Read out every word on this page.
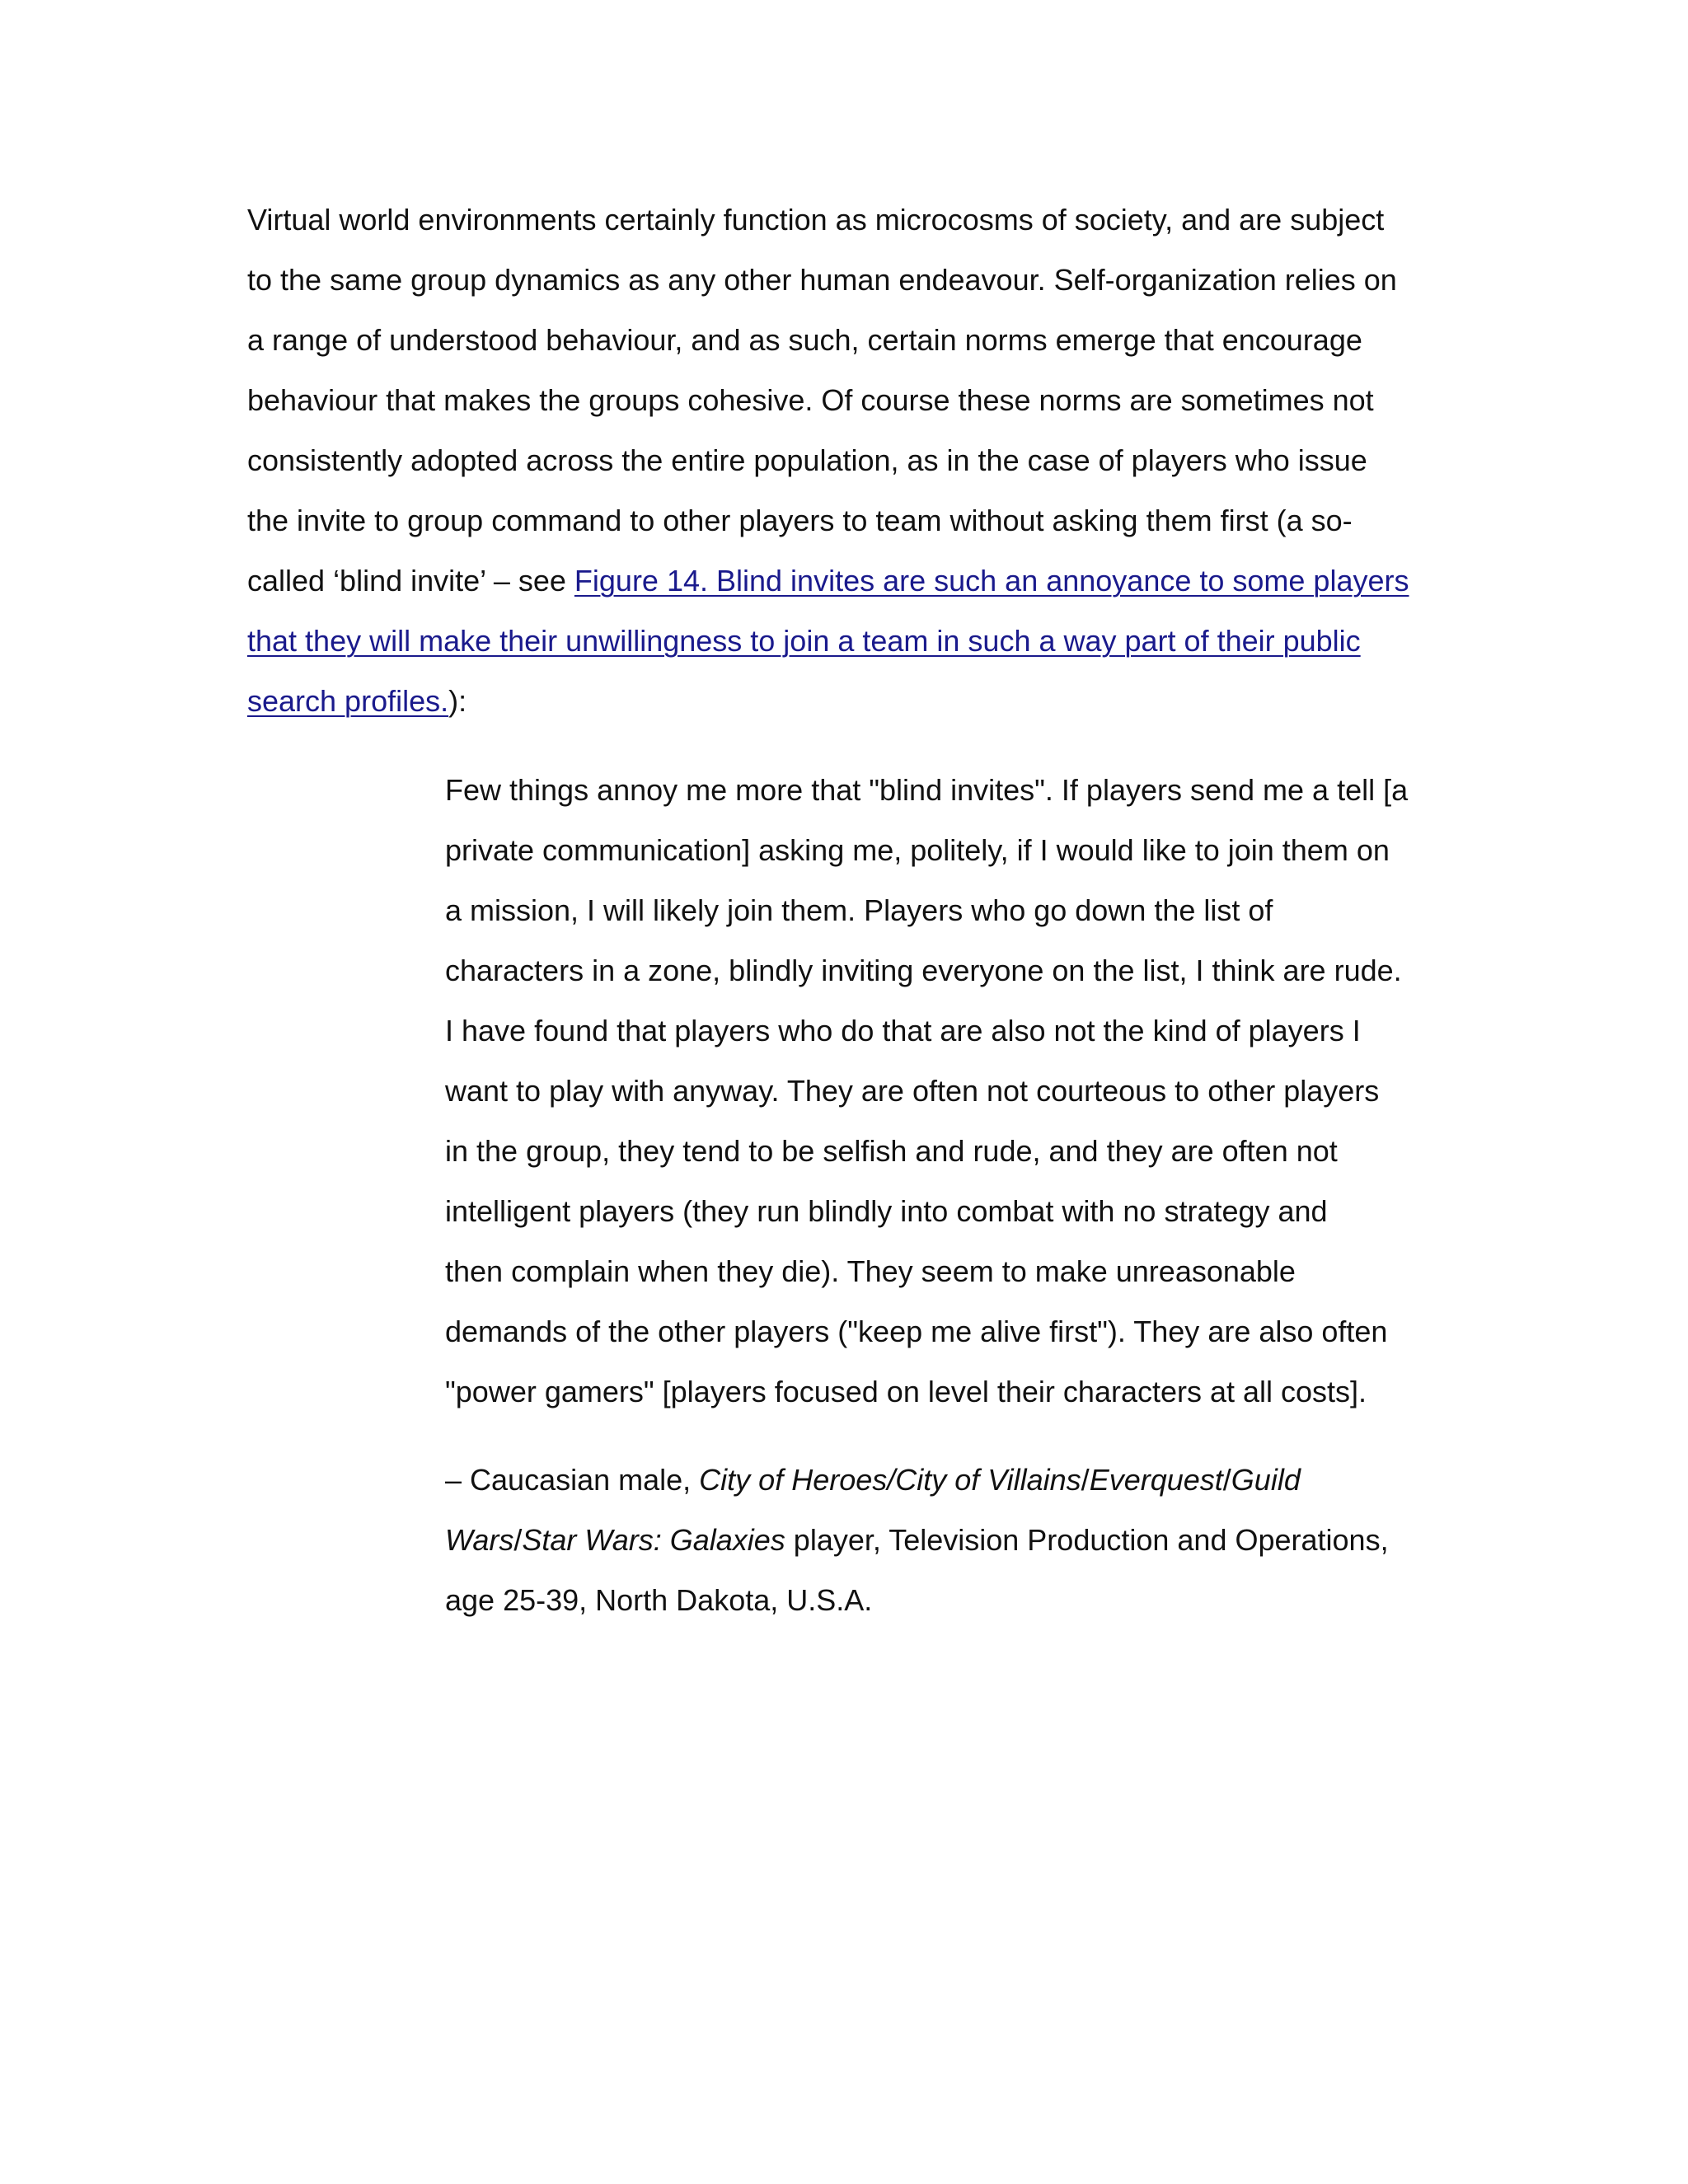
Virtual world environments certainly function as microcosms of society, and are subject
to the same group dynamics as any other human endeavour. Self-organization relies on
a range of understood behaviour, and as such, certain norms emerge that encourage
behaviour that makes the groups cohesive. Of course these norms are sometimes not
consistently adopted across the entire population, as in the case of players who issue
the invite to group command to other players to team without asking them first (a so-
called ‘blind invite’ – see Figure 14. Blind invites are such an annoyance to some players
that they will make their unwillingness to join a team in such a way part of their public
search profiles.):

Few things annoy me more that "blind invites". If players send me a tell [a
private communication] asking me, politely, if I would like to join them on
a mission, I will likely join them. Players who go down the list of
characters in a zone, blindly inviting everyone on the list, I think are rude.
I have found that players who do that are also not the kind of players I
want to play with anyway. They are often not courteous to other players
in the group, they tend to be selfish and rude, and they are often not
intelligent players (they run blindly into combat with no strategy and
then complain when they die). They seem to make unreasonable
demands of the other players ("keep me alive first"). They are also often
"power gamers" [players focused on level their characters at all costs].

– Caucasian male, City of Heroes/City of Villains/Everquest/Guild
Wars/Star Wars: Galaxies player, Television Production and Operations,
age 25-39, North Dakota, U.S.A.
